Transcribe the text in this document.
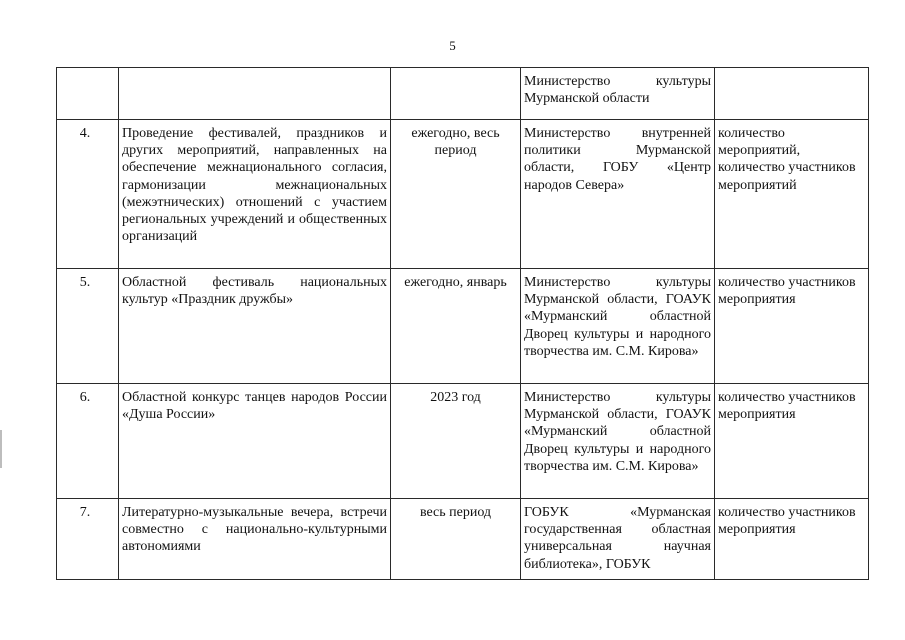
5
			Министерство культуры Мурманской области	
4.	Проведение фестивалей, праздников и других мероприятий, направленных на обеспечение межнационального согласия, гармонизации межнациональных (межэтнических) отношений с участием региональных учреждений и общественных организаций	ежегодно, весь период	Министерство внутренней политики Мурманской области, ГОБУ «Центр народов Севера»	количество мероприятий, количество участников мероприятий
5.	Областной фестиваль национальных культур «Праздник дружбы»	ежегодно, январь	Министерство культуры Мурманской области, ГОАУК «Мурманский областной Дворец культуры и народного творчества им. С.М. Кирова»	количество участников мероприятия
6.	Областной конкурс танцев народов России «Душа России»	2023 год	Министерство культуры Мурманской области, ГОАУК «Мурманский областной Дворец культуры и народного творчества им. С.М. Кирова»	количество участников мероприятия
7.	Литературно-музыкальные вечера, встречи совместно с национально-культурными автономиями	весь период	ГОБУК «Мурманская государственная областная универсальная научная библиотека», ГОБУК	количество участников мероприятия
